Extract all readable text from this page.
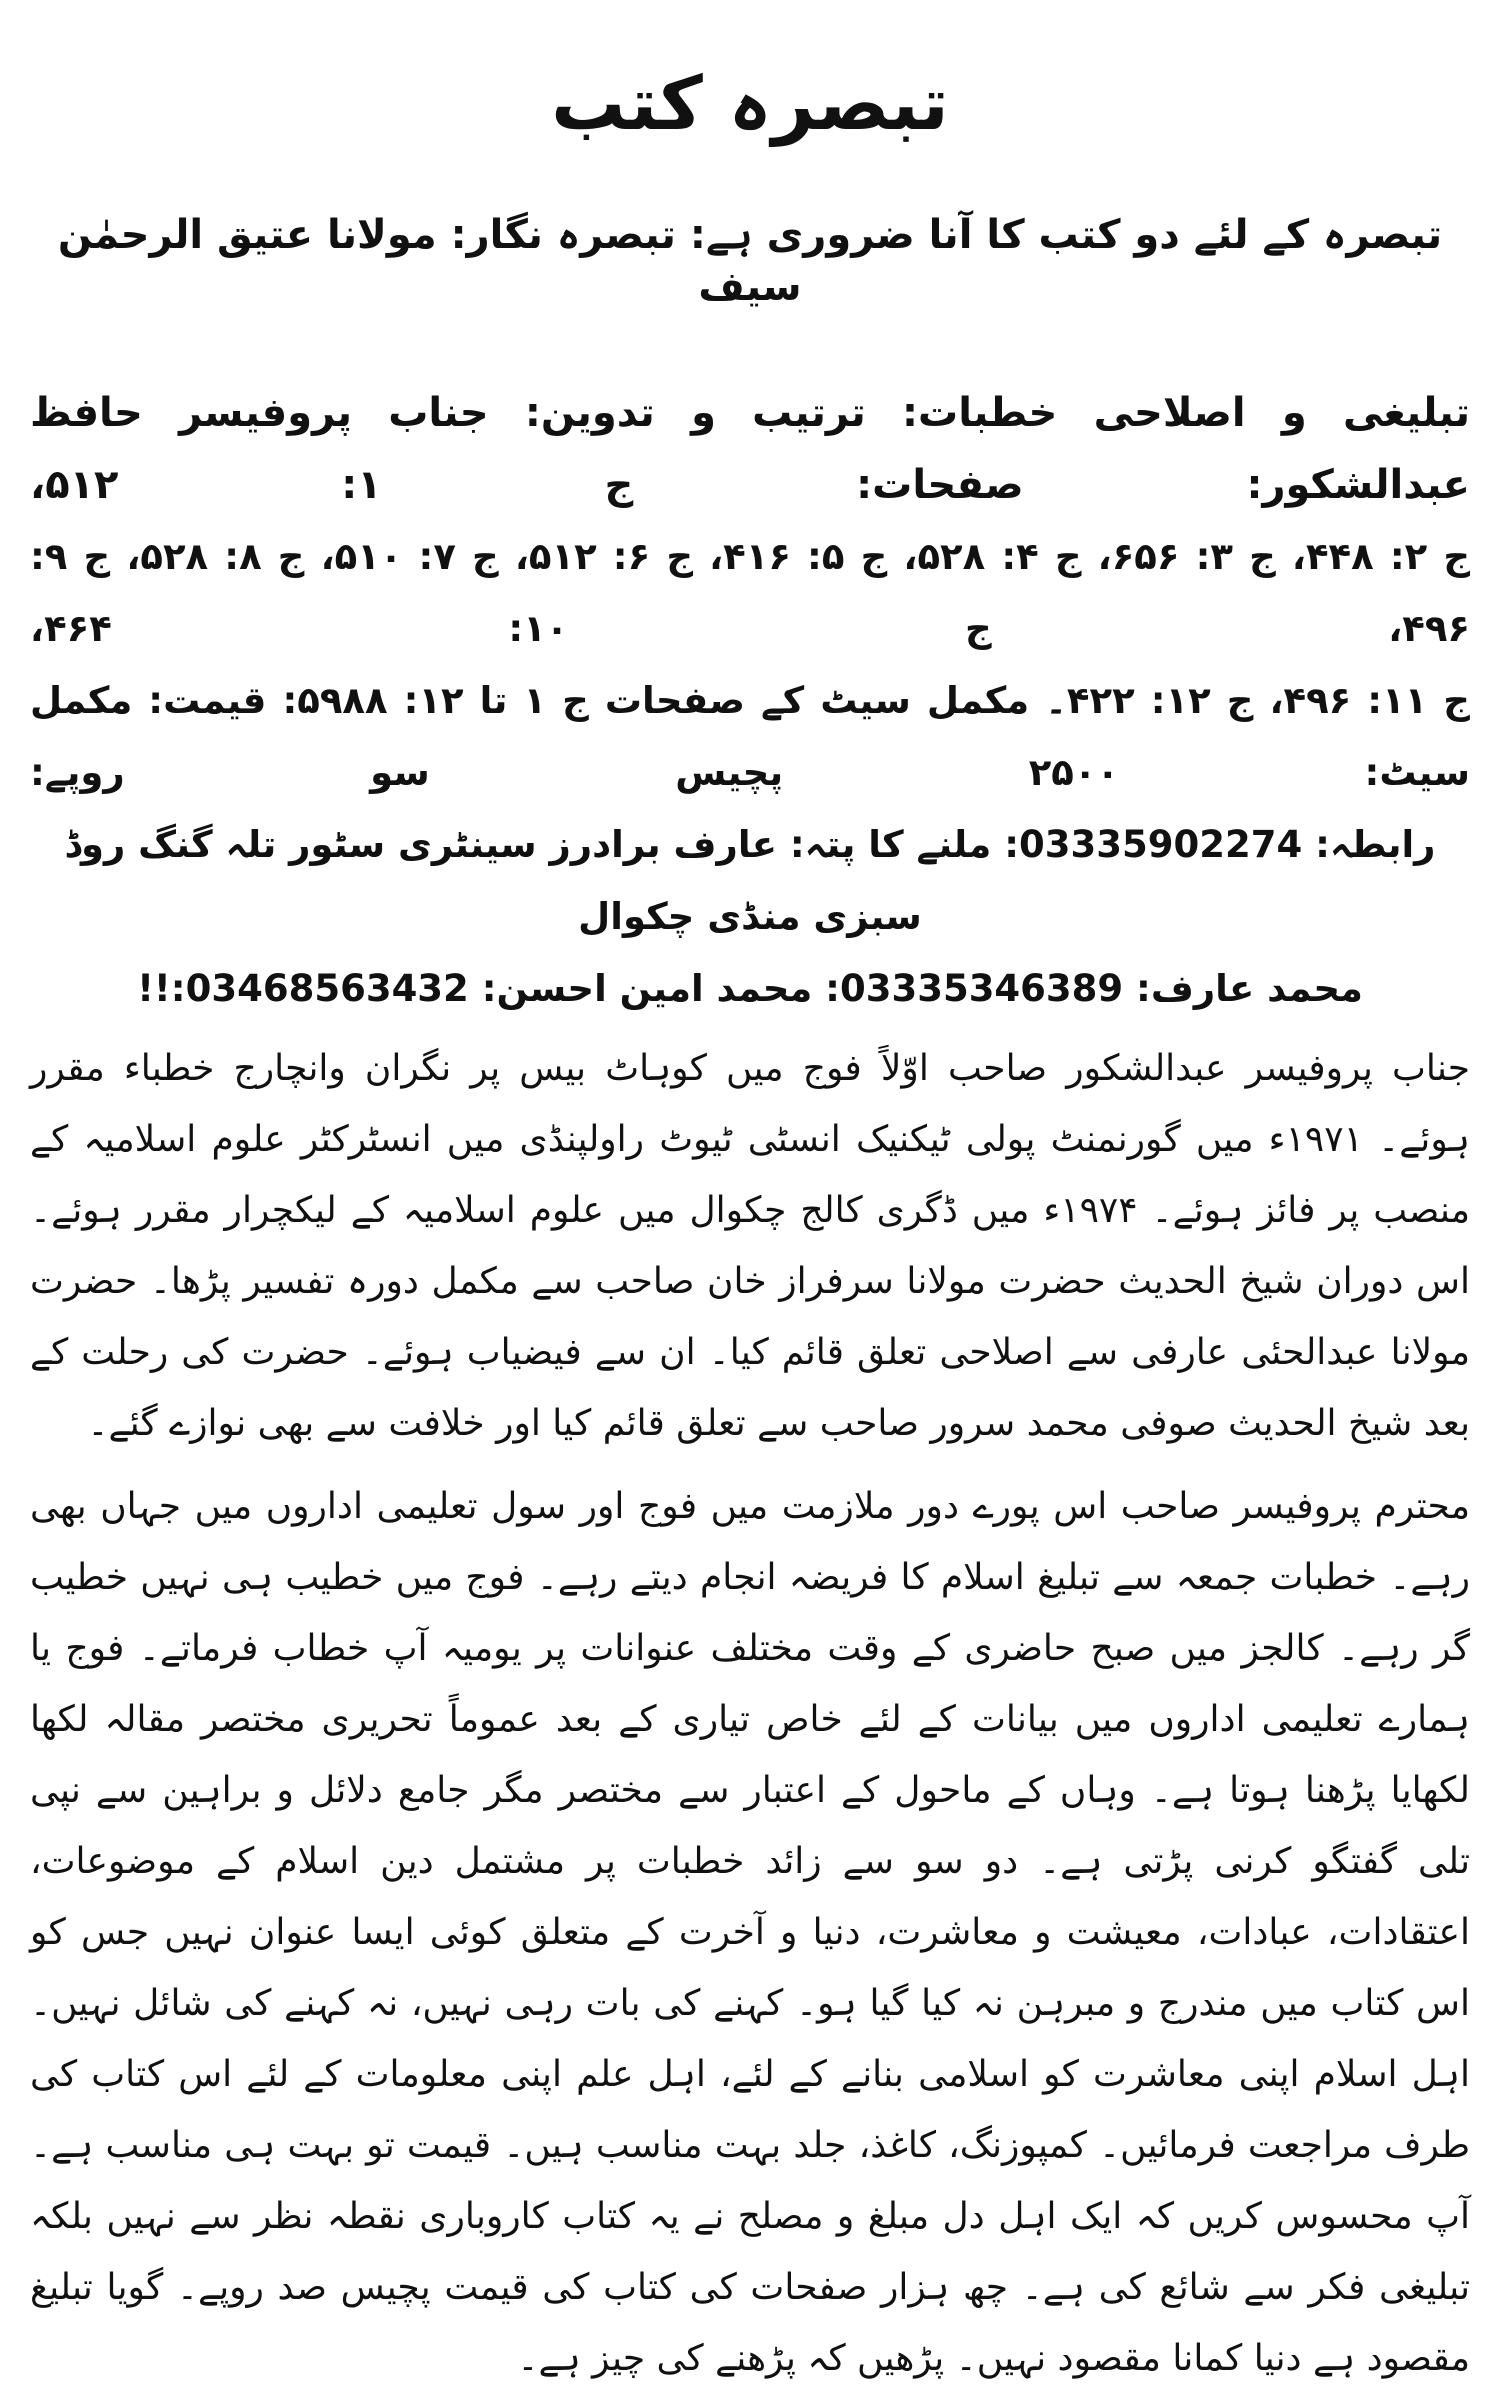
تبصرہ کتب
تبصرہ کے لئے دو کتب کا آنا ضروری ہے: تبصرہ نگار: مولانا عتیق الرحمٰن سیف
تبلیغی و اصلاحی خطبات: ترتیب و تدوین: جناب پروفیسر حافظ عبدالشکور: صفحات: ج ۱: ۵۱۲،
ج ۲: ۴۴۸، ج ۳: ۶۵۶، ج ۴: ۵۲۸، ج ۵: ۴۱۶، ج ۶: ۵۱۲، ج ۷: ۵۱۰، ج ۸: ۵۲۸، ج ۹: ۴۹۶، ج ۱۰: ۴۶۴،
ج ۱۱: ۴۹۶، ج ۱۲: ۴۲۲۔ مکمل سیٹ کے صفحات ج ۱ تا ۱۲: ۵۹۸۸: قیمت: مکمل سیٹ: ۲۵۰۰ پچیس سو روپے:
رابطہ: 03335902274: ملنے کا پتہ: عارف برادرز سینٹری سٹور تلہ گنگ روڈ سبزی منڈی چکوال
محمد عارف: 03335346389: محمد امین احسن: 03468563432:!!

جناب پروفیسر عبدالشکور صاحب اوّلاً فوج میں کوہاٹ بیس پر نگران وانچارج خطباء مقرر ہوئے۔ ۱۹۷۱ء میں گورنمنٹ پولی ٹیکنیک انسٹی ٹیوٹ راولپنڈی میں انسٹرکٹر علوم اسلامیہ کے منصب پر فائز ہوئے۔ ۱۹۷۴ء میں ڈگری کالج چکوال میں علوم اسلامیہ کے لیکچرار مقرر ہوئے۔ اس دوران شیخ الحدیث حضرت مولانا سرفراز خان صاحب سے مکمل دورہ تفسیر پڑھا۔ حضرت مولانا عبدالحئی عارفی سے اصلاحی تعلق قائم کیا۔ ان سے فیضیاب ہوئے۔ حضرت کی رحلت کے بعد شیخ الحدیث صوفی محمد سرور صاحب سے تعلق قائم کیا اور خلافت سے بھی نوازے گئے۔

محترم پروفیسر صاحب اس پورے دور ملازمت میں فوج اور سول تعلیمی اداروں میں جہاں بھی رہے۔ خطبات جمعہ سے تبلیغ اسلام کا فریضہ انجام دیتے رہے۔ فوج میں خطیب ہی نہیں خطیب گر رہے۔ کالجز میں صبح حاضری کے وقت مختلف عنوانات پر یومیہ آپ خطاب فرماتے۔ فوج یا ہمارے تعلیمی اداروں میں بیانات کے لئے خاص تیاری کے بعد عموماً تحریری مختصر مقالہ لکھا لکھایا پڑھنا ہوتا ہے۔ وہاں کے ماحول کے اعتبار سے مختصر مگر جامع دلائل و براہین سے نپی تلی گفتگو کرنی پڑتی ہے۔ دو سو سے زائد خطبات پر مشتمل دین اسلام کے موضوعات، اعتقادات، عبادات، معیشت و معاشرت، دنیا و آخرت کے متعلق کوئی ایسا عنوان نہیں جس کو اس کتاب میں مندرج و مبرہن نہ کیا گیا ہو۔ کہنے کی بات رہی نہیں، نہ کہنے کی شائل نہیں۔ اہل اسلام اپنی معاشرت کو اسلامی بنانے کے لئے، اہل علم اپنی معلومات کے لئے اس کتاب کی طرف مراجعت فرمائیں۔ کمپوزنگ، کاغذ، جلد بہت مناسب ہیں۔ قیمت تو بہت ہی مناسب ہے۔ آپ محسوس کریں کہ ایک اہل دل مبلغ و مصلح نے یہ کتاب کاروباری نقطہ نظر سے نہیں بلکہ تبلیغی فکر سے شائع کی ہے۔ چھ ہزار صفحات کی کتاب کی قیمت پچیس صد روپے۔ گویا تبلیغ مقصود ہے دنیا کمانا مقصود نہیں۔ پڑھیں کہ پڑھنے کی چیز ہے۔
